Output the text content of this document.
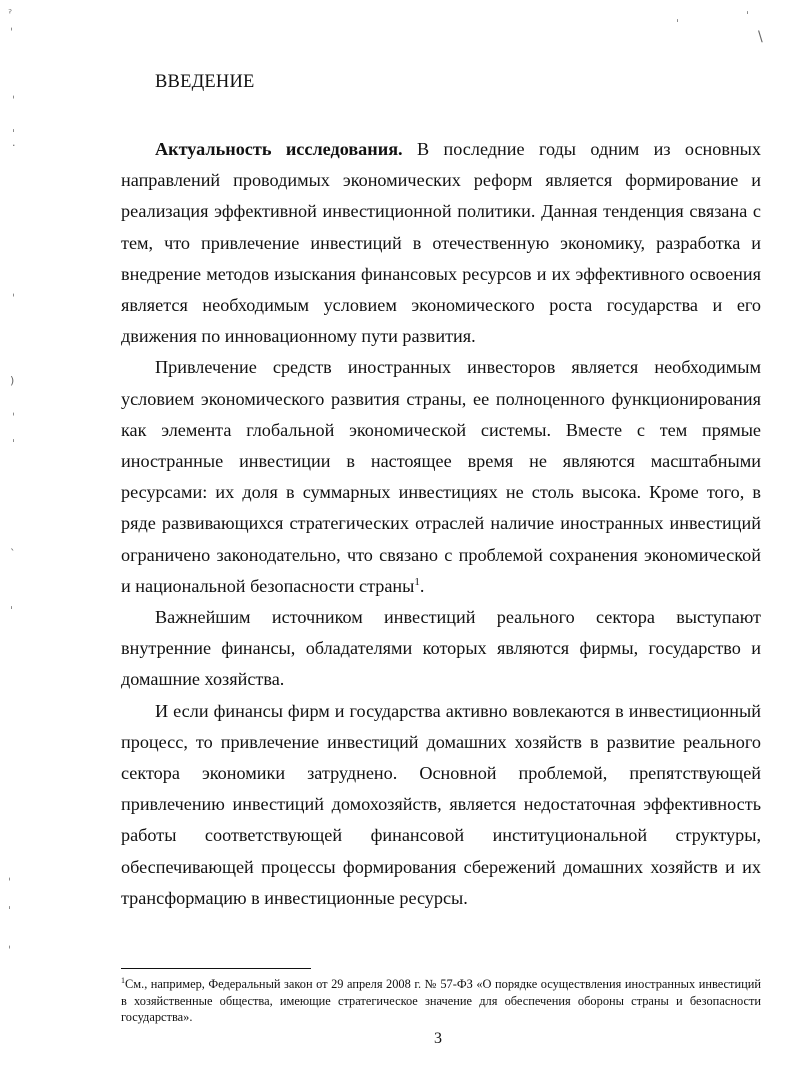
ˀ
ˌ
ˌ
ˈ
·
ˌ
)
ˌ
ˈ
ˋ
ˈ
ˌ
ˈ
ˌ
ˈ
ˈ
\
ВВЕДЕНИЕ

Актуальность исследования. В последние годы одним из основных направлений проводимых экономических реформ является формирование и реализация эффективной инвестиционной политики. Данная тенденция связана с тем, что привлечение инвестиций в отечественную экономику, разработка и внедрение методов изыскания финансовых ресурсов и их эффективного освоения является необходимым условием экономического роста государства и его движения по инновационному пути развития.

Привлечение средств иностранных инвесторов является необходимым условием экономического развития страны, ее полноценного функционирования как элемента глобальной экономической системы. Вместе с тем прямые иностранные инвестиции в настоящее время не являются масштабными ресурсами: их доля в суммарных инвестициях не столь высока. Кроме того, в ряде развивающихся стратегических отраслей наличие иностранных инвестиций ограничено законодательно, что связано с проблемой сохранения экономической и национальной безопасности страны$^1$.

Важнейшим источником инвестиций реального сектора выступают внутренние финансы, обладателями которых являются фирмы, государство и домашние хозяйства.

И если финансы фирм и государства активно вовлекаются в инвестиционный процесс, то привлечение инвестиций домашних хозяйств в развитие реального сектора экономики затруднено. Основной проблемой, препятствующей привлечению инвестиций домохозяйств, является недостаточная эффективность работы соответствующей финансовой институциональной структуры, обеспечивающей процессы формирования сбережений домашних хозяйств и их трансформацию в инвестиционные ресурсы.

$^1$См., например, Федеральный закон от 29 апреля 2008 г. № 57-ФЗ «О порядке осуществления иностранных инвестиций в хозяйственные общества, имеющие стратегическое значение для обеспечения обороны страны и безопасности государства».

3
